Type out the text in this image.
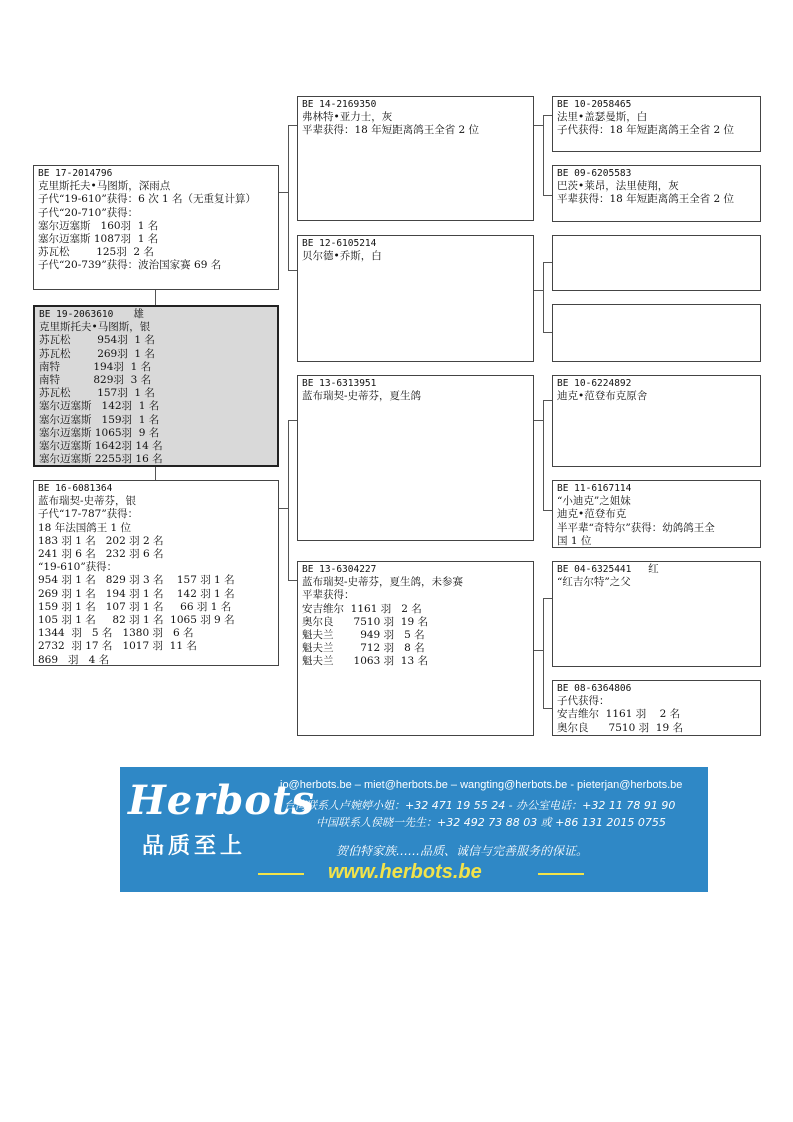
BE 17-2014796
克里斯托夫•马图斯，深雨点
子代“19-610”获得：6 次 1 名（无重复计算）
子代“20-710”获得：
塞尔迈塞斯   160羽  1 名
塞尔迈塞斯 1087羽  1 名
苏瓦松        125羽  2 名
子代“20-739”获得：波治国家赛 69 名
BE 19-2063610 雄
克里斯托夫•马图斯，银
苏瓦松        954羽  1 名
苏瓦松        269羽  1 名
南特          194羽  1 名
南特          829羽  3 名
苏瓦松        157羽  1 名
塞尔迈塞斯   142羽  1 名
塞尔迈塞斯   159羽  1 名
塞尔迈塞斯 1065羽  9 名
塞尔迈塞斯 1642羽 14 名
塞尔迈塞斯 2255羽 16 名
BE 16-6081364
蓝布瑞契-史蒂芬，银
子代“17-787”获得：
18 年法国鸽王 1 位
183 羽 1 名   202 羽 2 名
241 羽 6 名   232 羽 6 名
“19-610”获得：
954 羽 1 名   829 羽 3 名    157 羽 1 名
269 羽 1 名   194 羽 1 名    142 羽 1 名
159 羽 1 名   107 羽 1 名     66 羽 1 名
105 羽 1 名     82 羽 1 名  1065 羽 9 名
1344  羽   5 名   1380 羽   6 名
2732  羽 17 名   1017 羽  11 名
869   羽   4 名
BE 14-2169350
弗林特•亚力士，灰
平辈获得：18 年短距离鸽王全省 2 位
BE 12-6105214
贝尔德•乔斯，白
BE 13-6313951
蓝布瑞契-史蒂芬，夏生鸽
BE 13-6304227
蓝布瑞契-史蒂芬，夏生鸽，未参赛
平辈获得：
安吉维尔  1161 羽   2 名
奥尔良      7510 羽  19 名
魁夫兰        949 羽   5 名
魁夫兰        712 羽   8 名
魁夫兰      1063 羽  13 名
BE 10-2058465
法里•盖瑟曼斯，白
子代获得：18 年短距离鸽王全省 2 位
BE 09-6205583
巴茨•莱昂，法里使翔，灰
平辈获得：18 年短距离鸽王全省 2 位
BE 10-6224892
迪克•范登布克原舍
BE 11-6167114
“小迪克”之姐妹
迪克•范登布克
半平辈“奇特尔”获得：幼鸽鸽王全
国 1 位
BE 04-6325441 红
“红吉尔特”之父
BE 08-6364806
子代获得：
安吉维尔  1161 羽    2 名
奥尔良      7510 羽  19 名
Herbots
品质至上
jo@herbots.be – miet@herbots.be – wangting@herbots.be - pieterjan@herbots.be
台湾联系人卢婉婷小姐：+32 471 19 55 24 - 办公室电话：+32 11 78 91 90
中国联系人侯晓一先生：+32 492 73 88 03 或 +86 131 2015 0755
贺伯特家族……品质、诚信与完善服务的保证。
www.herbots.be
